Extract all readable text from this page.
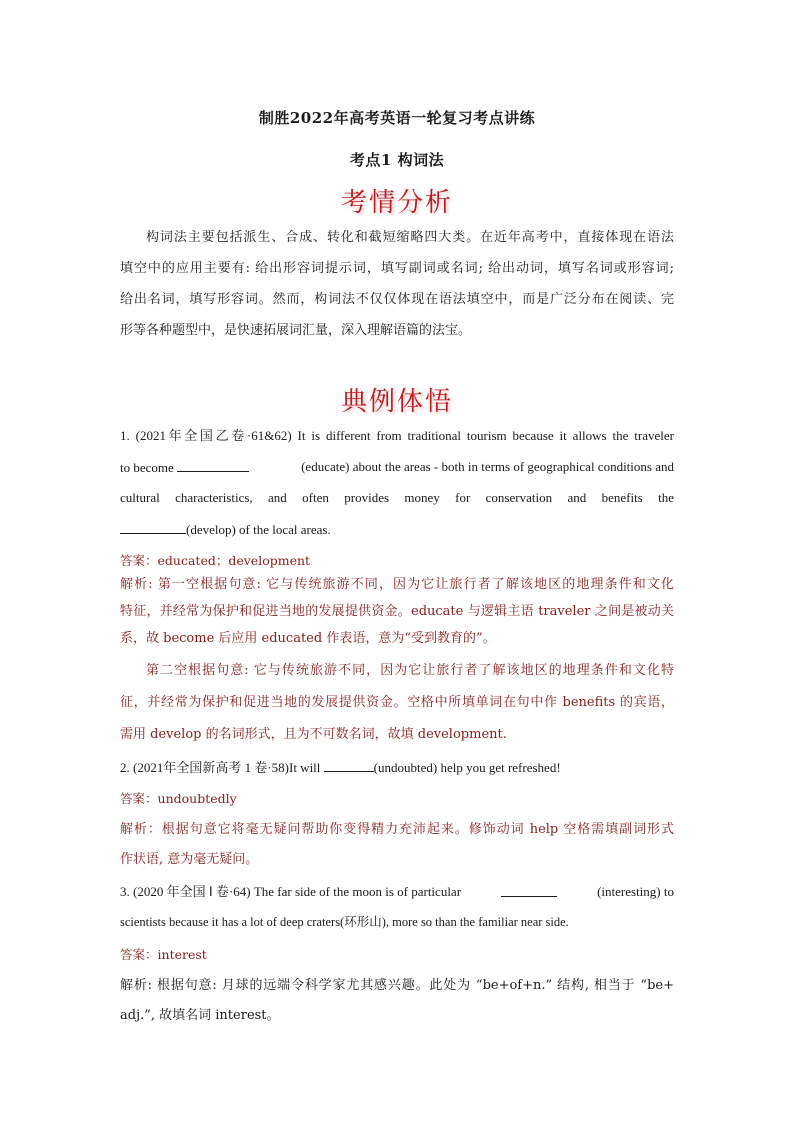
制胜2022年高考英语一轮复习考点讲练
考点1 构词法
考情分析
构词法主要包括派生、合成、转化和截短缩略四大类。在近年高考中，直接体现在语法
填空中的应用主要有: 给出形容词提示词，填写副词或名词; 给出动词，填写名词或形容词;
给出名词，填写形容词。然而，构词法不仅仅体现在语法填空中，而是广泛分布在阅读、完
形等各种题型中，是快速拓展词汇量，深入理解语篇的法宝。
典例体悟
1. (2021年全国乙卷·61&62) It is different from traditional tourism because it allows the traveler
to become	(educate) about the areas - both in terms of geographical conditions and
cultural characteristics, and often provides money for conservation and benefits the
(develop) of the local areas.
答案：educated；development
解析: 第一空根据句意: 它与传统旅游不同，因为它让旅行者了解该地区的地理条件和文化
特征，并经常为保护和促进当地的发展提供资金。educate 与逻辑主语 traveler 之间是被动关
系，故 become 后应用 educated 作表语，意为“受到教育的”。
第二空根据句意: 它与传统旅游不同，因为它让旅行者了解该地区的地理条件和文化特
征，并经常为保护和促进当地的发展提供资金。空格中所填单词在句中作 benefits 的宾语，
需用 develop 的名词形式，且为不可数名词，故填 development.
2. (2021年全国新高考 1 卷·58)It will	(undoubted) help you get refreshed!
答案：undoubtedly
解析：根据句意它将毫无疑问帮助你变得精力充沛起来。修饰动词 help 空格需填副词形式
作状语, 意为毫无疑问。
3. (2020 年全国 Ⅰ 卷·64) The far side of the moon is of particular	(interesting) to
scientists because it has a lot of deep craters(环形山), more so than the familiar near side.
答案：interest
解析: 根据句意: 月球的远端令科学家尤其感兴趣。此处为 “be+of+n.” 结构, 相当于 “be+
adj.”, 故填名词 interest。
